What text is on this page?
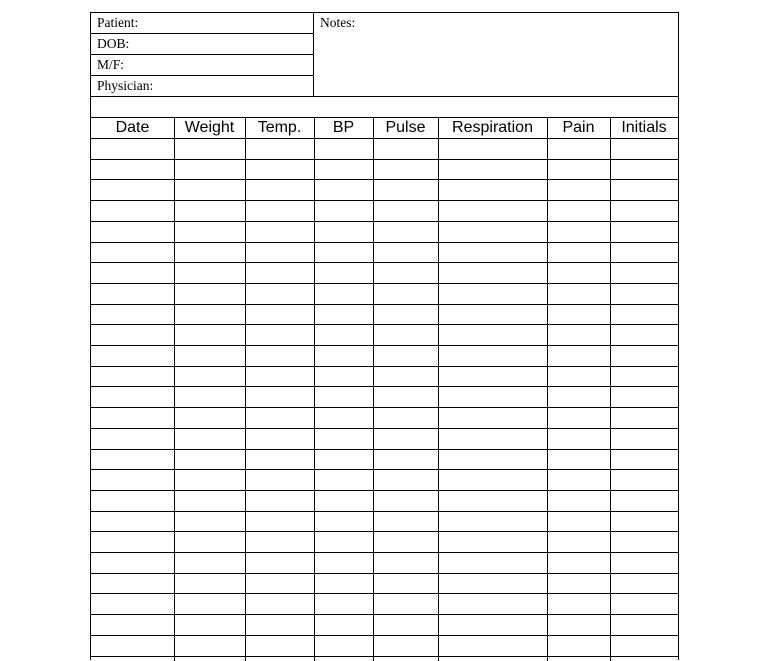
Patient:
DOB:
M/F:
Physician:
Notes:
Date	Weight	Temp.	BP	Pulse	Respiration	Pain	Initials
